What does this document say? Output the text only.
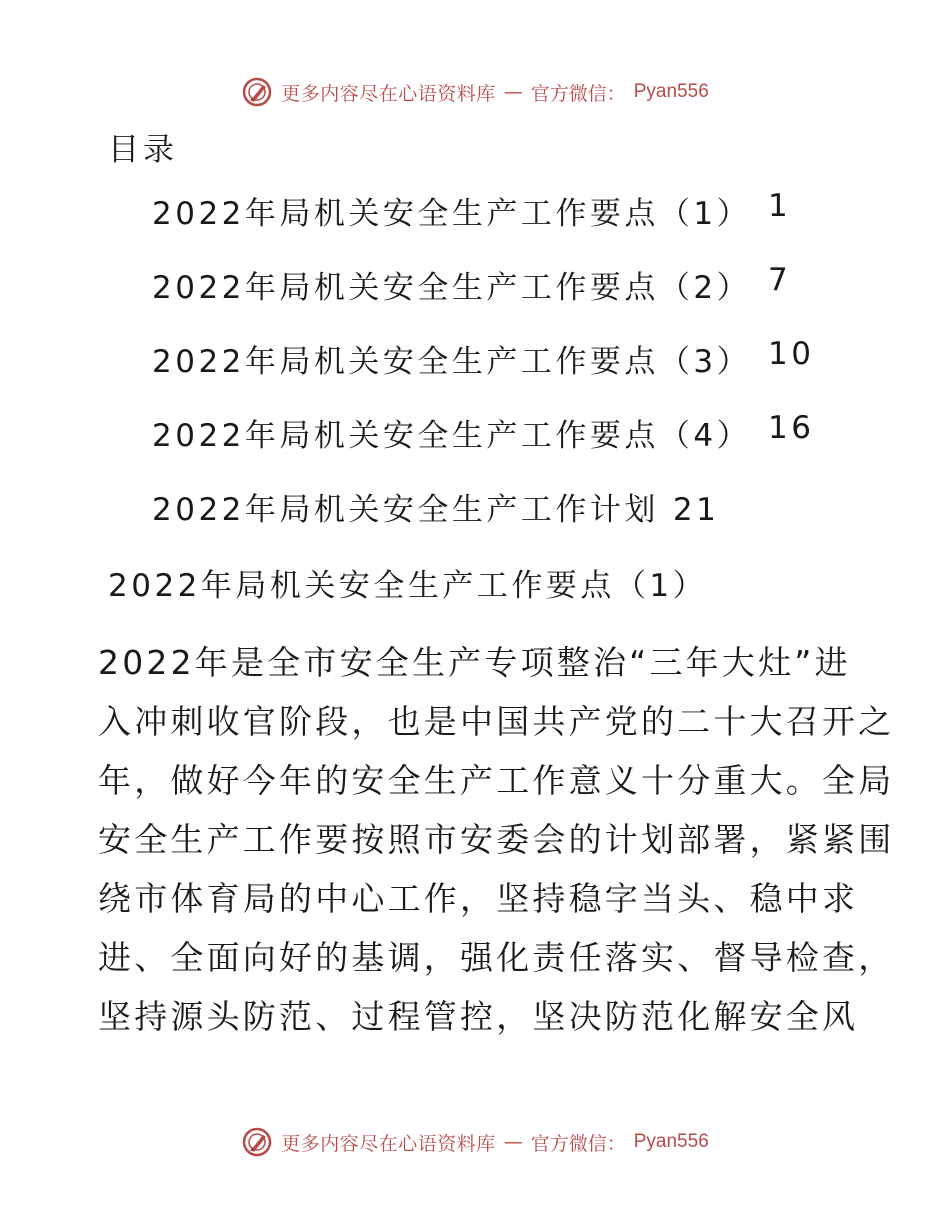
更多内容尽在心语资料库 — 官方微信： Pyan556
目录
2022年局机关安全生产工作要点（1） 1
2022年局机关安全生产工作要点（2） 7
2022年局机关安全生产工作要点（3） 10
2022年局机关安全生产工作要点（4） 16
2022年局机关安全生产工作计划 21
2022年局机关安全生产工作要点（1）
2022年是全市安全生产专项整治“三年大灶”进
入冲刺收官阶段，也是中国共产党的二十大召开之
年，做好今年的安全生产工作意义十分重大。全局
安全生产工作要按照市安委会的计划部署，紧紧围
绕市体育局的中心工作，坚持稳字当头、稳中求
进、全面向好的基调，强化责任落实、督导检查，
坚持源头防范、过程管控，坚决防范化解安全风
更多内容尽在心语资料库 — 官方微信： Pyan556
